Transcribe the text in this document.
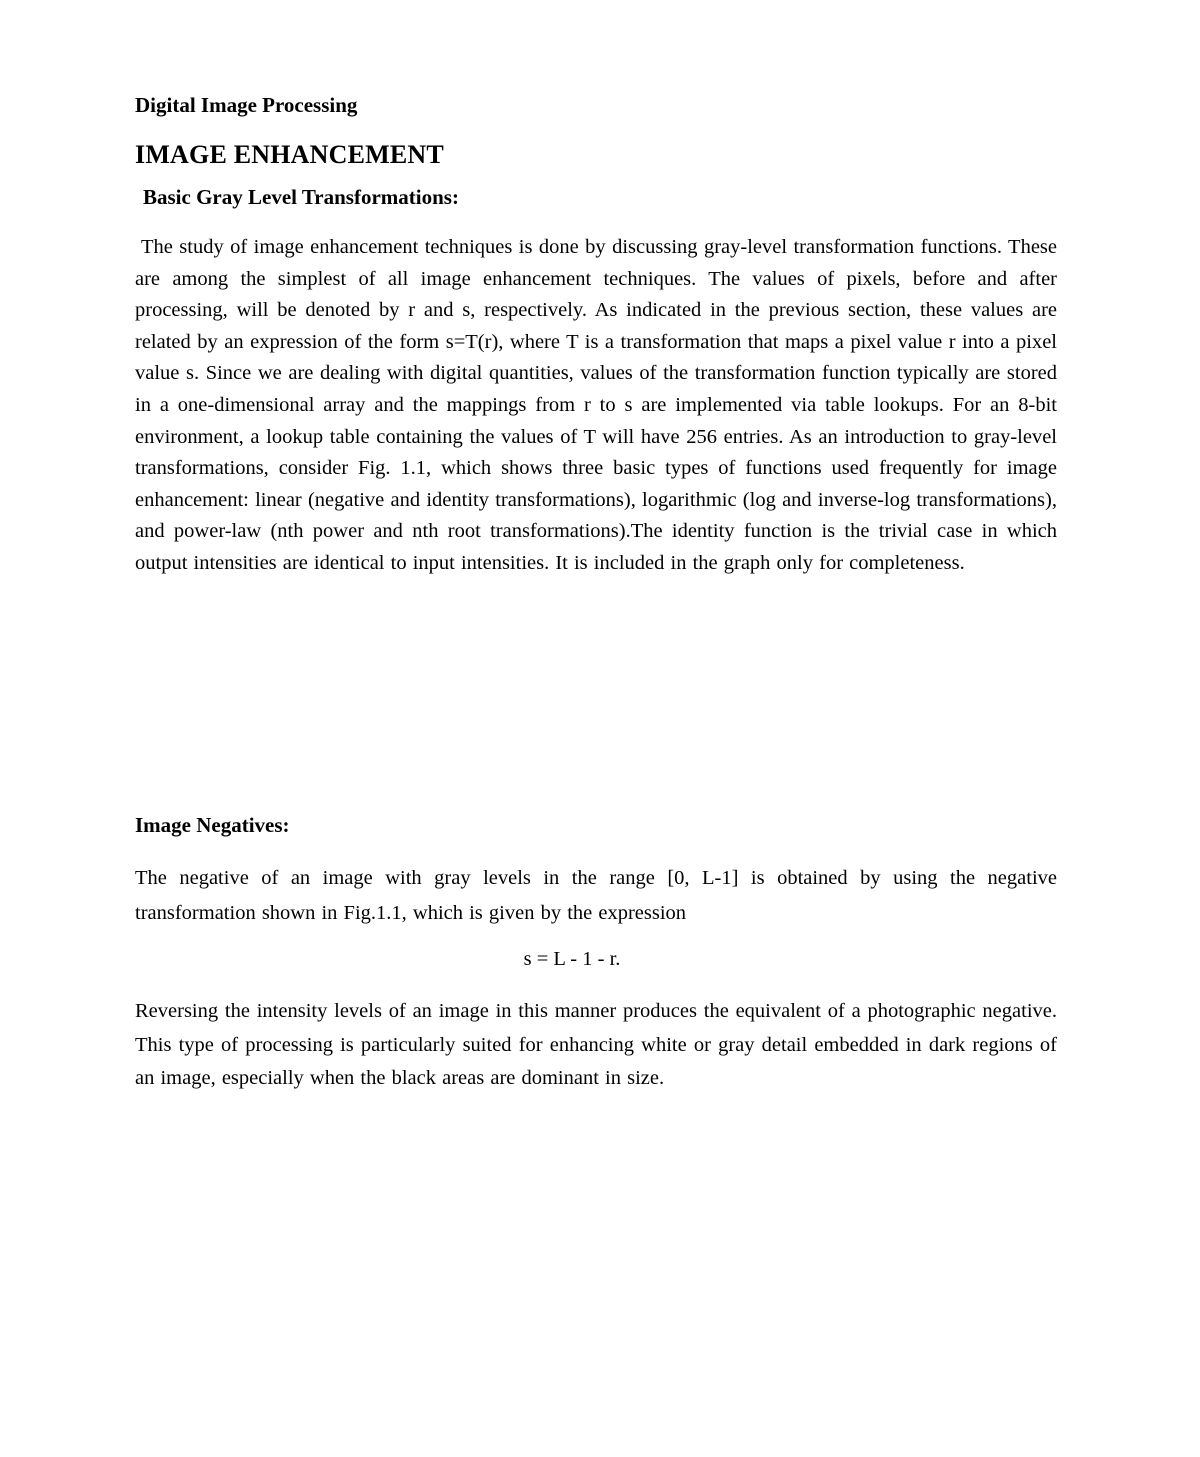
Digital Image Processing
IMAGE ENHANCEMENT
Basic Gray Level Transformations:
The study of image enhancement techniques is done by discussing gray-level transformation functions. These are among the simplest of all image enhancement techniques. The values of pixels, before and after processing, will be denoted by r and s, respectively. As indicated in the previous section, these values are related by an expression of the form s=T(r), where T is a transformation that maps a pixel value r into a pixel value s. Since we are dealing with digital quantities, values of the transformation function typically are stored in a one-dimensional array and the mappings from r to s are implemented via table lookups. For an 8-bit environment, a lookup table containing the values of T will have 256 entries. As an introduction to gray-level transformations, consider Fig. 1.1, which shows three basic types of functions used frequently for image enhancement: linear (negative and identity transformations), logarithmic (log and inverse-log transformations), and power-law (nth power and nth root transformations).The identity function is the trivial case in which output intensities are identical to input intensities. It is included in the graph only for completeness.
Image Negatives:
The negative of an image with gray levels in the range [0, L-1] is obtained by using the negative transformation shown in Fig.1.1, which is given by the expression
s = L - 1 - r.
Reversing the intensity levels of an image in this manner produces the equivalent of a photographic negative. This type of processing is particularly suited for enhancing white or gray detail embedded in dark regions of an image, especially when the black areas are dominant in size.
